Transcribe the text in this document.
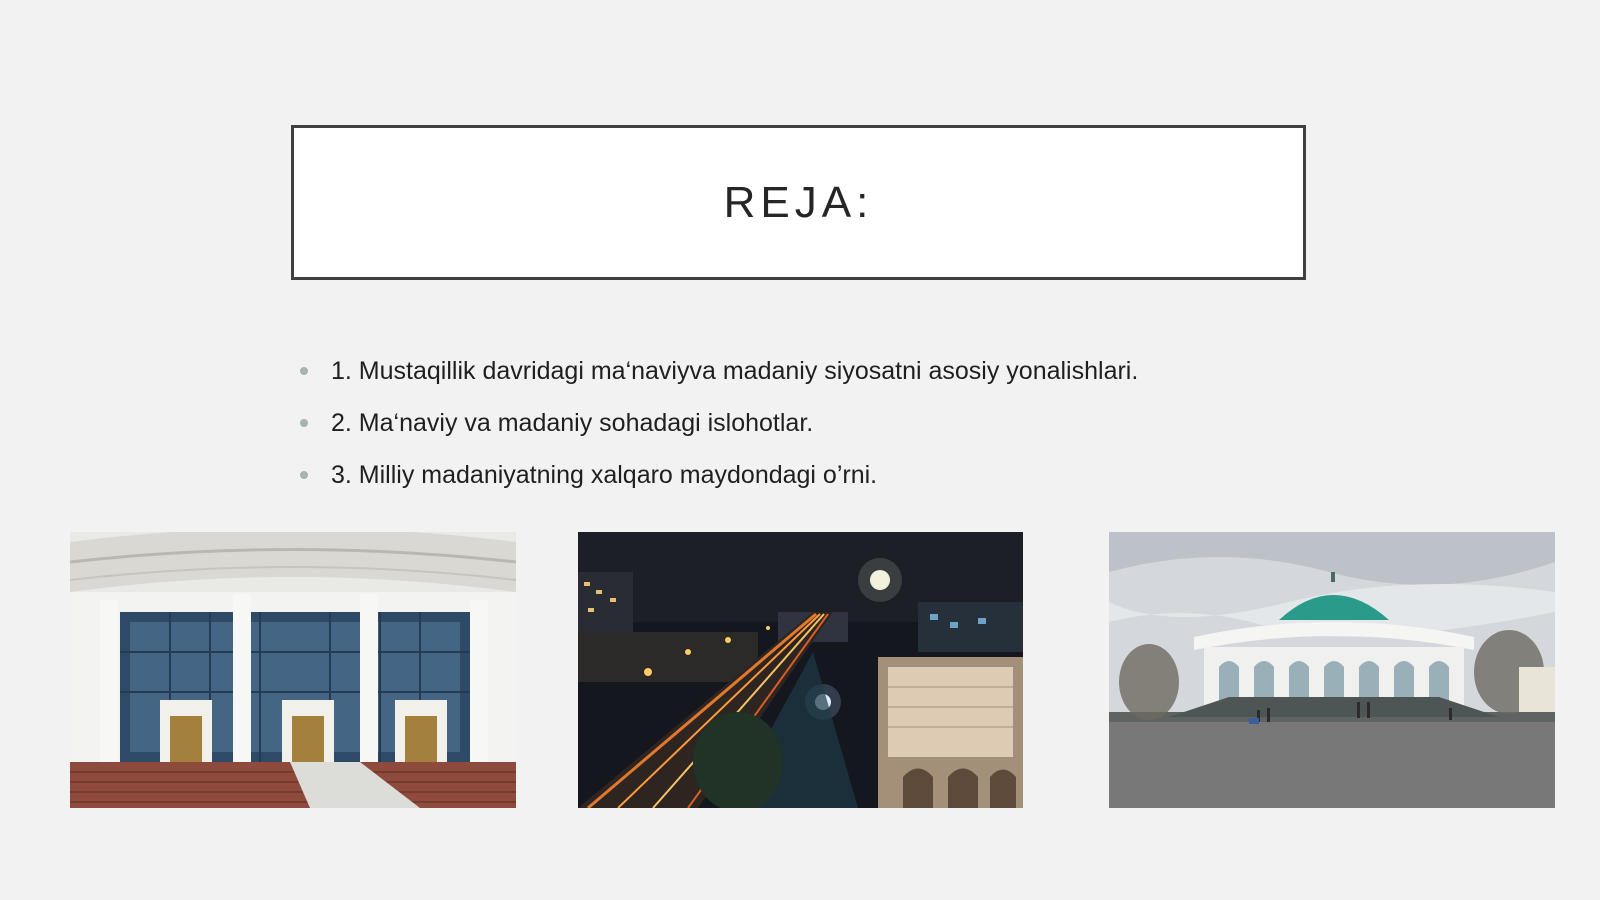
REJA:
1. Mustaqillik davridagi ma‘naviyva madaniy siyosatni asosiy yonalishlari.
2. Ma‘naviy va madaniy sohadagi islohotlar.
3. Milliy madaniyatning xalqaro maydondagi o’rni.
